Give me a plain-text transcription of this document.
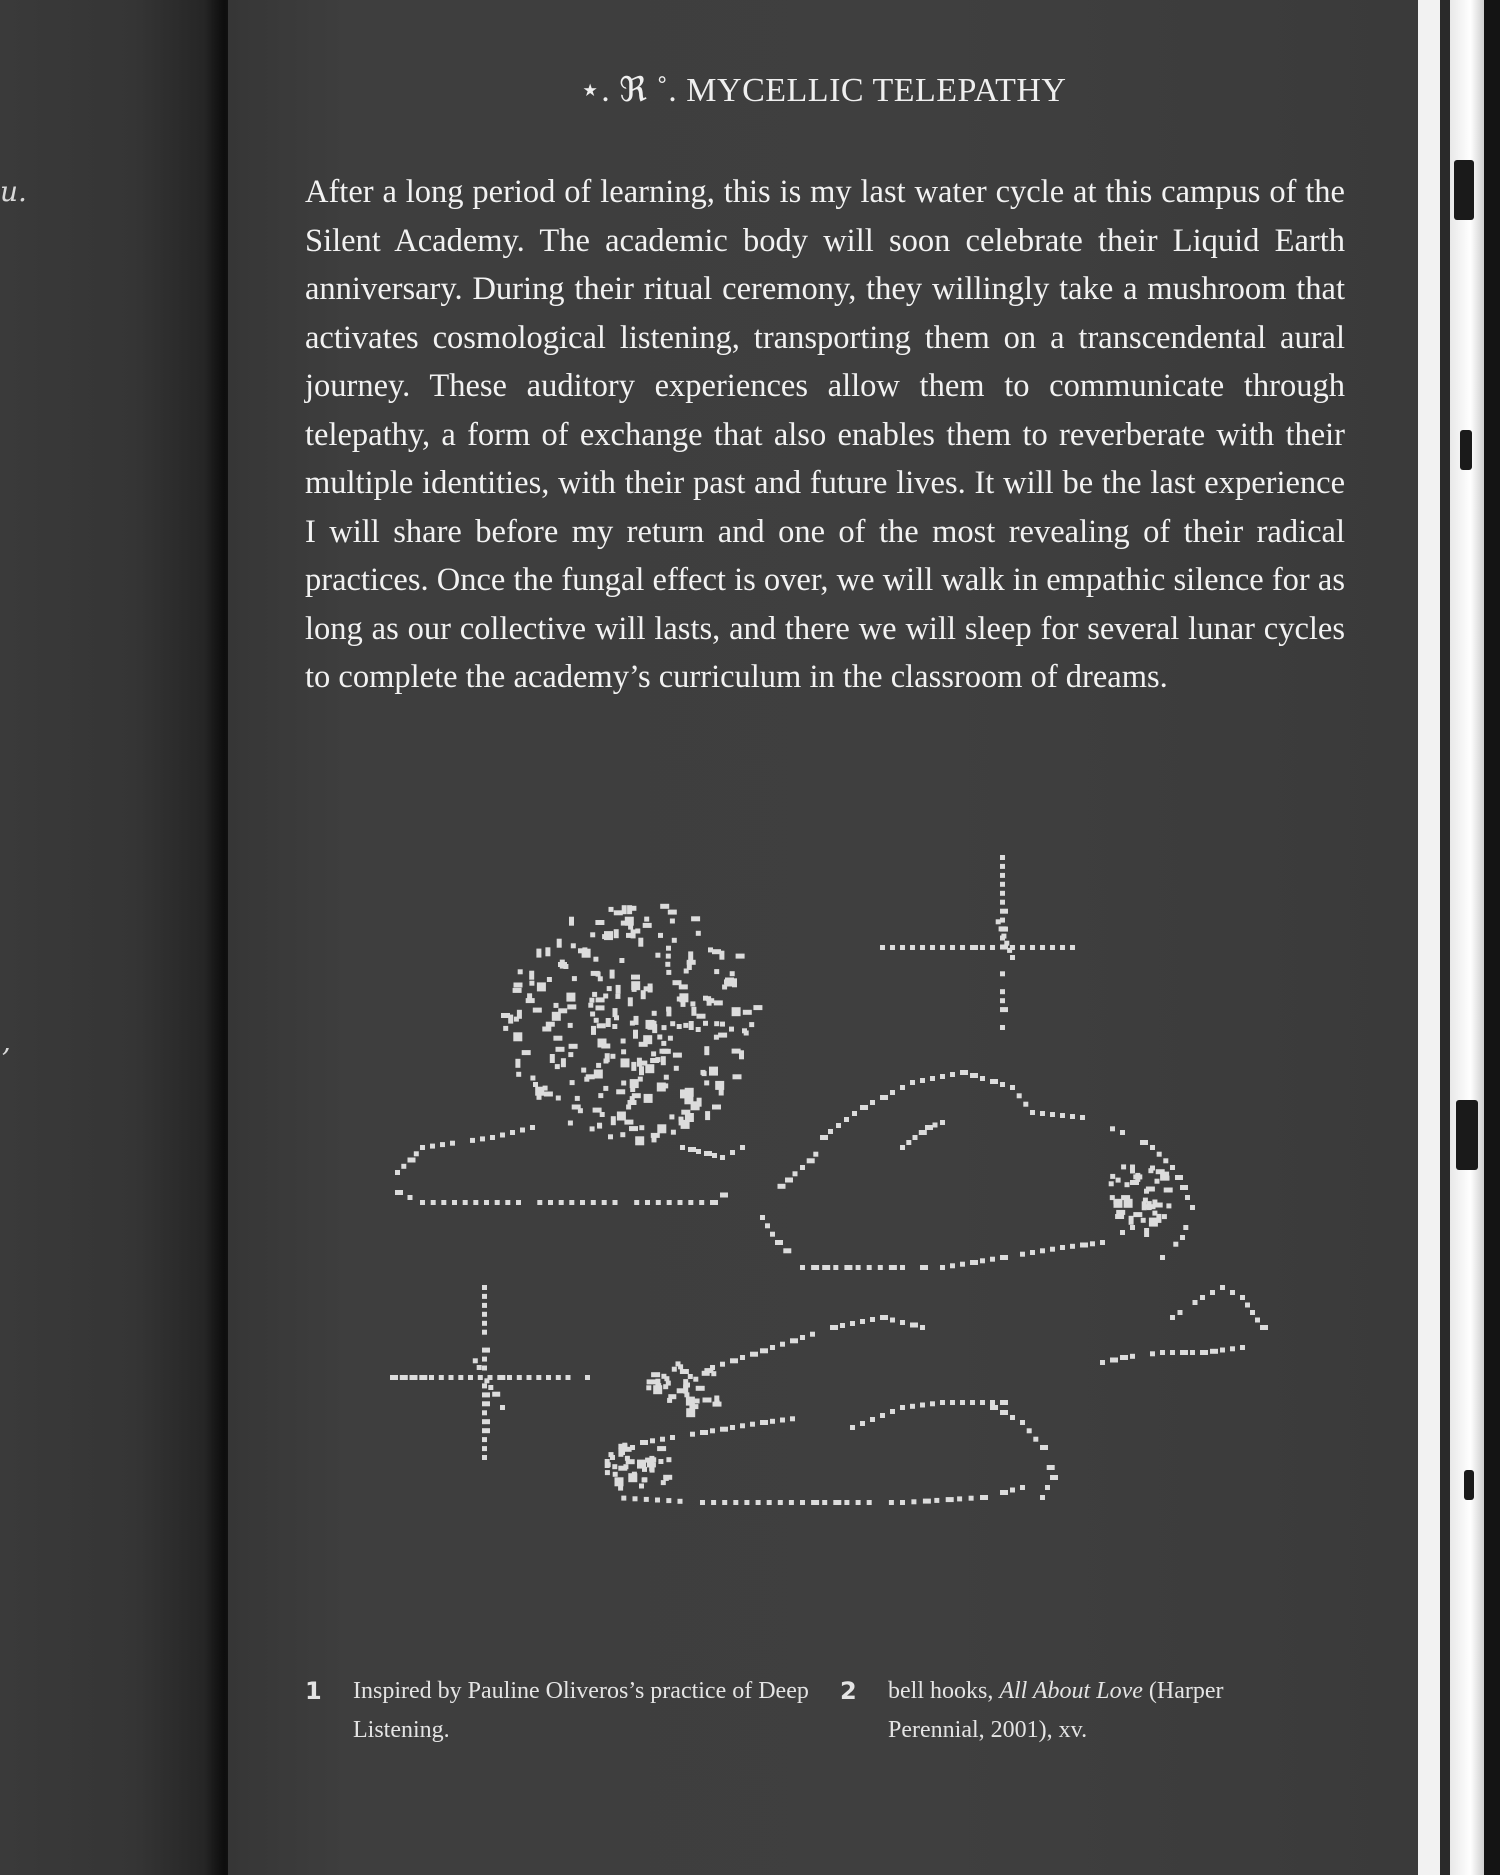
u.
,
⋆. ℜ ˚. MYCELLIC TELEPATHY

After a long period of learning, this is my last water cycle at this campus of the Silent Academy. The academic body will soon celebrate their Liquid Earth anniversary. During their ritual ceremony, they willingly take a mushroom that activates cosmological listening, transporting them on a transcendental aural journey. These auditory experiences allow them to communicate through telepathy, a form of exchange that also enables them to reverberate with their multiple identities, with their past and future lives. It will be the last experience I will share before my return and one of the most revealing of their radical practices. Once the fungal effect is over, we will walk in empathic silence for as long as our collective will lasts, and there we will sleep for several lunar cycles to complete the academy’s curriculum in the classroom of dreams.

1	Inspired by Pauline Oliveros’s practice of Deep Listening.
2	bell hooks, All About Love (Harper Perennial, 2001), xv.
